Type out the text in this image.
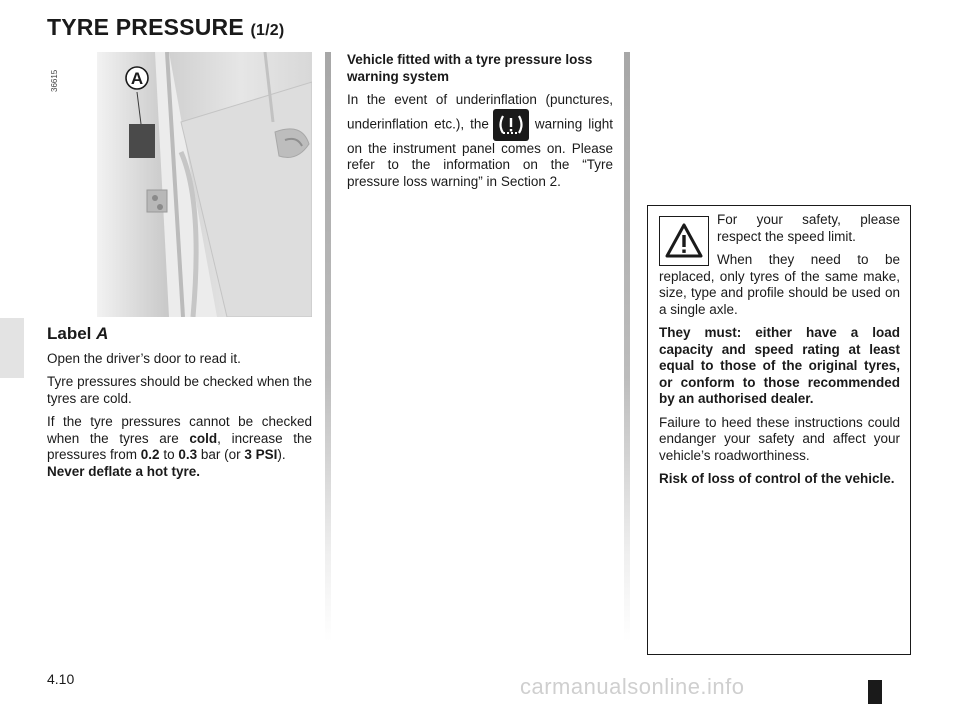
TYRE PRESSURE (1/2)
36615	A
Label A

Open the driver’s door to read it.

Tyre pressures should be checked when the tyres are cold.

If the tyre pressures cannot be checked when the tyres are cold, increase the pressures from 0.2 to 0.3 bar (or 3 PSI).
Never deflate a hot tyre.

Vehicle fitted with a tyre pressure loss warning system

In the event of underinflation (punctures, underinflation etc.), the	warning light on the instrument panel comes on. Please refer to the information on the “Tyre pressure loss warning” in Section 2.

For your safety, please respect the speed limit.

When they need to be replaced, only tyres of the same make, size, type and profile should be used on a single axle.

They must: either have a load capacity and speed rating at least equal to those of the original tyres, or conform to those recommended by an authorised dealer.

Failure to heed these instructions could endanger your safety and affect your vehicle’s roadworthiness.

Risk of loss of control of the vehicle.

4.10	carmanualsonline.info
